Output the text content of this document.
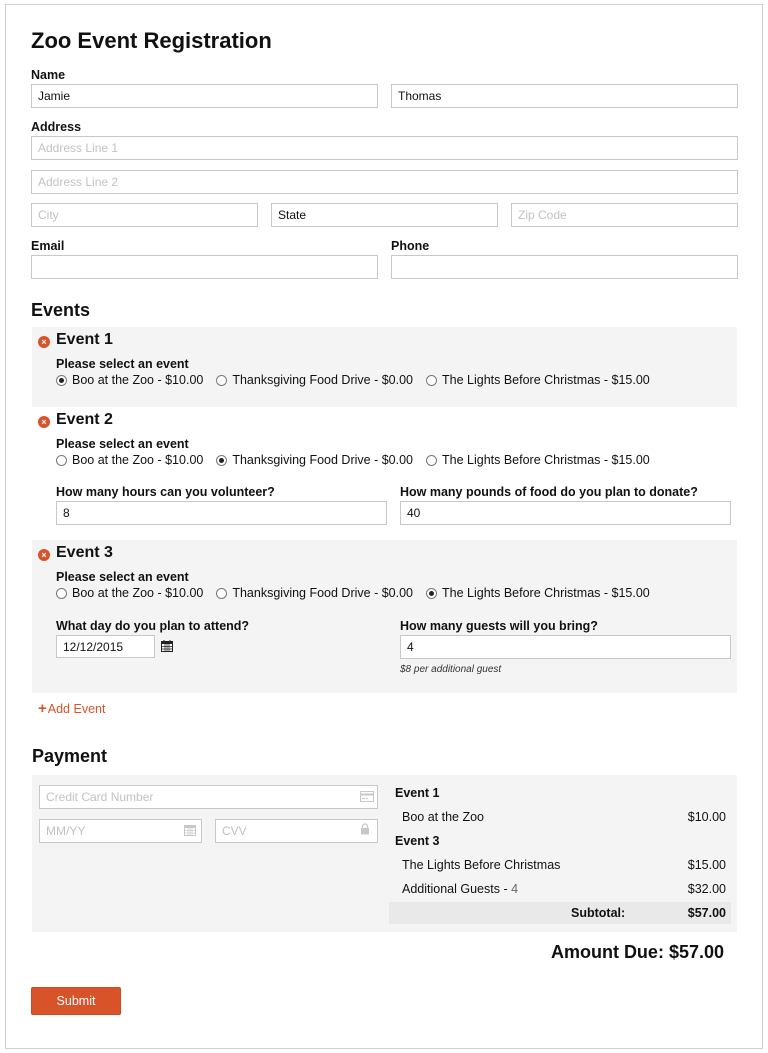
Zoo Event Registration
Name
Jamie	Thomas
Address
Address Line 1
Address Line 2
City	State	Zip Code
Email	Phone
Events
× Event 1
Please select an event
Boo at the Zoo - $10.00 Thanksgiving Food Drive - $0.00 The Lights Before Christmas - $15.00
× Event 2
Please select an event
Boo at the Zoo - $10.00 Thanksgiving Food Drive - $0.00 The Lights Before Christmas - $15.00
How many hours can you volunteer?
8
How many pounds of food do you plan to donate?
40
× Event 3
Please select an event
Boo at the Zoo - $10.00 Thanksgiving Food Drive - $0.00 The Lights Before Christmas - $15.00
What day do you plan to attend?
12/12/2015
How many guests will you bring?
4
$8 per additional guest
+ Add Event
Payment
Credit Card Number
MM/YY	CVV
Event 1
Boo at the Zoo	$10.00
Event 3
The Lights Before Christmas	$15.00
Additional Guests - 4	$32.00
Subtotal:	$57.00
Amount Due: $57.00
Submit
